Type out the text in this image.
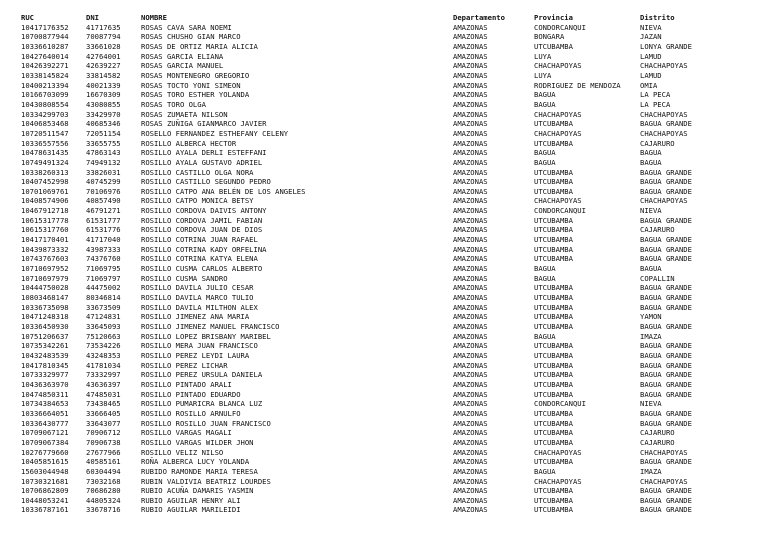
RUC	DNI	NOMBRE	Departamento	Provincia	Distrito
10417176352	41717635	ROSAS CAVA SARA NOEMI	AMAZONAS	CONDORCANQUI	NIEVA
10700877944	70087794	ROSAS CHUSHO GIAN MARCO	AMAZONAS	BONGARA	JAZAN
10336610287	33661028	ROSAS DE ORTIZ MARIA ALICIA	AMAZONAS	UTCUBAMBA	LONYA GRANDE
10427640014	42764001	ROSAS GARCIA ELIANA	AMAZONAS	LUYA	LAMUD
10426392271	42639227	ROSAS GARCIA MANUEL	AMAZONAS	CHACHAPOYAS	CHACHAPOYAS
10338145824	33814582	ROSAS MONTENEGRO GREGORIO	AMAZONAS	LUYA	LAMUD
10400213394	40021339	ROSAS TOCTO YONI SIMEON	AMAZONAS	RODRIGUEZ DE MENDOZA	OMIA
10166703099	16670309	ROSAS TORO ESTHER YOLANDA	AMAZONAS	BAGUA	LA PECA
10430808554	43080855	ROSAS TORO OLGA	AMAZONAS	BAGUA	LA PECA
10334299703	33429970	ROSAS ZUMAETA NILSON	AMAZONAS	CHACHAPOYAS	CHACHAPOYAS
10406853468	40685346	ROSAS ZUÑIGA GIANMARCO JAVIER	AMAZONAS	UTCUBAMBA	BAGUA GRANDE
10720511547	72051154	ROSELLO FERNANDEZ ESTHEFANY CELENY	AMAZONAS	CHACHAPOYAS	CHACHAPOYAS
10336557556	33655755	ROSILLO ALBERCA HECTOR	AMAZONAS	UTCUBAMBA	CAJARURO
10478631435	47863143	ROSILLO AYALA DERLI ESTEFFANI	AMAZONAS	BAGUA	BAGUA
10749491324	74949132	ROSILLO AYALA GUSTAVO ADRIEL	AMAZONAS	BAGUA	BAGUA
10338260313	33826031	ROSILLO CASTILLO OLGA NORA	AMAZONAS	UTCUBAMBA	BAGUA GRANDE
10407452998	40745299	ROSILLO CASTILLO SEGUNDO PEDRO	AMAZONAS	UTCUBAMBA	BAGUA GRANDE
10701069761	70106976	ROSILLO CATPO ANA BELÉN DE LOS ANGELES	AMAZONAS	UTCUBAMBA	BAGUA GRANDE
10408574906	40857490	ROSILLO CATPO MONICA BETSY	AMAZONAS	CHACHAPOYAS	CHACHAPOYAS
10467912718	46791271	ROSILLO CORDOVA DAIVIS ANTONY	AMAZONAS	CONDORCANQUI	NIEVA
10615317778	61531777	ROSILLO CORDOVA JAMIL FABIAN	AMAZONAS	UTCUBAMBA	BAGUA GRANDE
10615317760	61531776	ROSILLO CORDOVA JUAN DE DIOS	AMAZONAS	UTCUBAMBA	CAJARURO
10417170401	41717040	ROSILLO COTRINA JUAN RAFAEL	AMAZONAS	UTCUBAMBA	BAGUA GRANDE
10439873332	43987333	ROSILLO COTRINA KADY ORFELINA	AMAZONAS	UTCUBAMBA	BAGUA GRANDE
10743767603	74376760	ROSILLO COTRINA KATYA ELENA	AMAZONAS	UTCUBAMBA	BAGUA GRANDE
10710697952	71069795	ROSILLO CUSMA CARLOS ALBERTO	AMAZONAS	BAGUA	BAGUA
10710697979	71069797	ROSILLO CUSMA SANDRO	AMAZONAS	BAGUA	COPALLIN
10444750028	44475002	ROSILLO DAVILA JULIO CESAR	AMAZONAS	UTCUBAMBA	BAGUA GRANDE
10803468147	80346814	ROSILLO DAVILA MARCO TULIO	AMAZONAS	UTCUBAMBA	BAGUA GRANDE
10336735098	33673509	ROSILLO DAVILA MILTHON ALEX	AMAZONAS	UTCUBAMBA	BAGUA GRANDE
10471248318	47124831	ROSILLO JIMENEZ ANA MARIA	AMAZONAS	UTCUBAMBA	YAMON
10336450930	33645093	ROSILLO JIMENEZ MANUEL FRANCISCO	AMAZONAS	UTCUBAMBA	BAGUA GRANDE
10751206637	75120663	ROSILLO LOPEZ BRISBANY MARIBEL	AMAZONAS	BAGUA	IMAZA
10735342261	73534226	ROSILLO MERA JUAN FRANCISCO	AMAZONAS	UTCUBAMBA	BAGUA GRANDE
10432483539	43248353	ROSILLO PEREZ LEYDI LAURA	AMAZONAS	UTCUBAMBA	BAGUA GRANDE
10417810345	41781034	ROSILLO PEREZ LICHAR	AMAZONAS	UTCUBAMBA	BAGUA GRANDE
10733329977	73332997	ROSILLO PEREZ URSULA DANIELA	AMAZONAS	UTCUBAMBA	BAGUA GRANDE
10436363970	43636397	ROSILLO PINTADO ARALI	AMAZONAS	UTCUBAMBA	BAGUA GRANDE
10474850311	47485031	ROSILLO PINTADO EDUARDO	AMAZONAS	UTCUBAMBA	BAGUA GRANDE
10734384653	73438465	ROSILLO PUMARICRA BLANCA LUZ	AMAZONAS	CONDORCANQUI	NIEVA
10336664051	33666405	ROSILLO ROSILLO ARNULFO	AMAZONAS	UTCUBAMBA	BAGUA GRANDE
10336430777	33643077	ROSILLO ROSILLO JUAN FRANCISCO	AMAZONAS	UTCUBAMBA	BAGUA GRANDE
10709067121	70906712	ROSILLO VARGAS MAGALI	AMAZONAS	UTCUBAMBA	CAJARURO
10709067384	70906738	ROSILLO VARGAS WILDER JHON	AMAZONAS	UTCUBAMBA	CAJARURO
10276779660	27677966	ROSILLO VELIZ NILSO	AMAZONAS	CHACHAPOYAS	CHACHAPOYAS
10405851615	40585161	ROÑA ALBERCA LUCY YOLANDA	AMAZONAS	UTCUBAMBA	BAGUA GRANDE
15603044948	60304494	RUBIDO RAMONDE MARIA TERESA	AMAZONAS	BAGUA	IMAZA
10730321681	73032168	RUBIN VALDIVIA BEATRIZ LOURDES	AMAZONAS	CHACHAPOYAS	CHACHAPOYAS
10706862809	70686280	RUBIO ACUÑA DAMARIS YASMIN	AMAZONAS	UTCUBAMBA	BAGUA GRANDE
10448053241	44805324	RUBIO AGUILAR HENRY ALI	AMAZONAS	UTCUBAMBA	BAGUA GRANDE
10336787161	33678716	RUBIO AGUILAR MARILEIDI	AMAZONAS	UTCUBAMBA	BAGUA GRANDE
